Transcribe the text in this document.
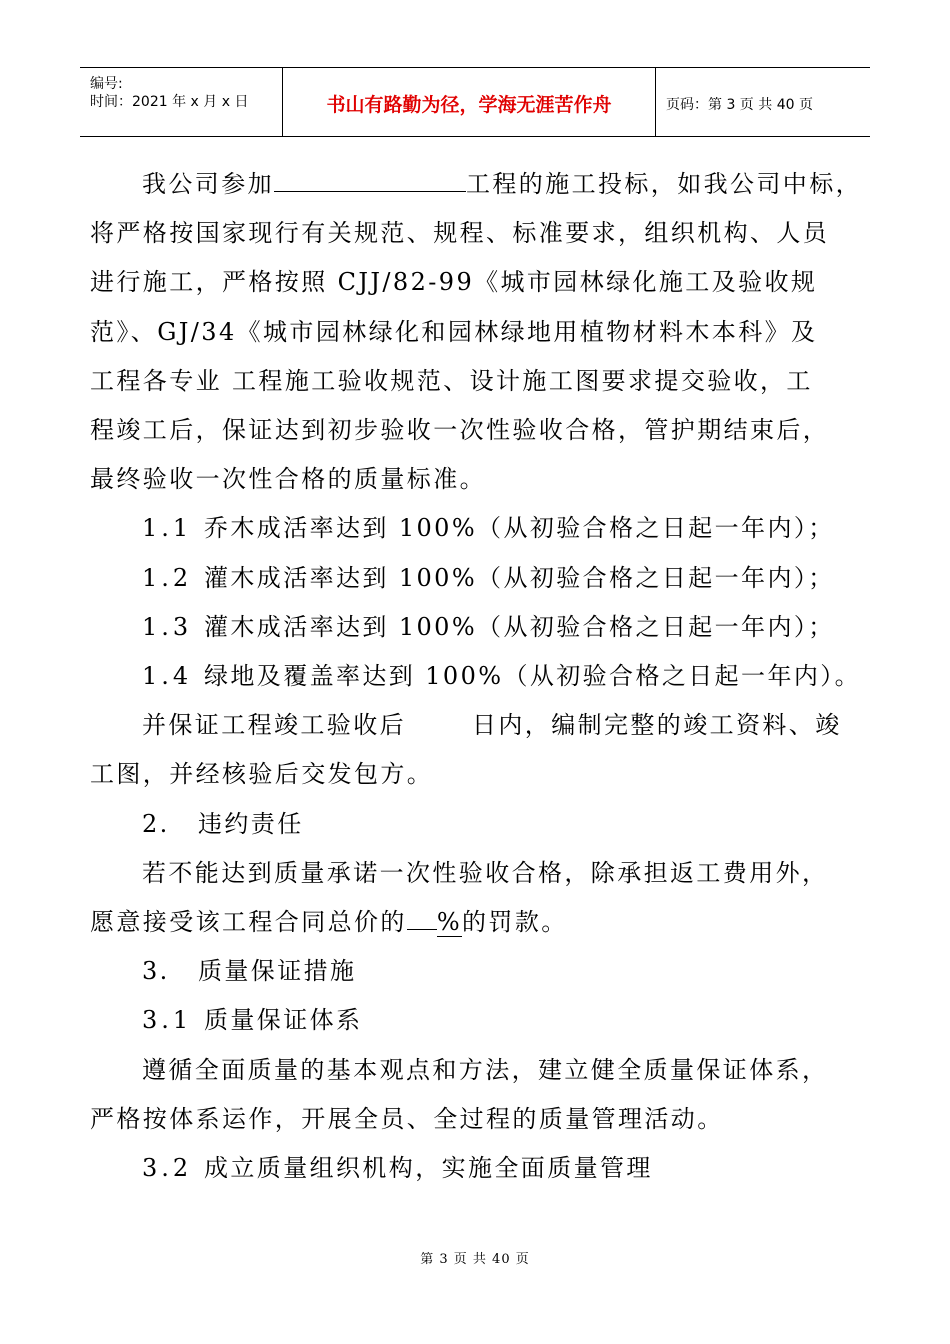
编号:
时间：2021 年 x 月 x 日	书山有路勤为径，学海无涯苦作舟	页码：第 3 页 共 40 页

我公司参加	工程的施工投标，如我公司中标，

将严格按国家现行有关规范、规程、标准要求，组织机构、人员

进行施工，严格按照 CJJ/82-99《城市园林绿化施工及验收规

范》、GJ/34《城市园林绿化和园林绿地用植物材料木本科》及

工程各专业 工程施工验收规范、设计施工图要求提交验收，工

程竣工后，保证达到初步验收一次性验收合格，管护期结束后，

最终验收一次性合格的质量标准。

1.1 乔木成活率达到 100%（从初验合格之日起一年内）；

1.2 灌木成活率达到 100%（从初验合格之日起一年内）；

1.3 灌木成活率达到 100%（从初验合格之日起一年内）；

1.4 绿地及覆盖率达到 100%（从初验合格之日起一年内）。

并保证工程竣工验收后	日内，编制完整的竣工资料、竣

工图，并经核验后交发包方。

2. 违约责任

若不能达到质量承诺一次性验收合格，除承担返工费用外，

愿意接受该工程合同总价的 %的罚款。

3. 质量保证措施

3.1 质量保证体系

遵循全面质量的基本观点和方法，建立健全质量保证体系，

严格按体系运作，开展全员、全过程的质量管理活动。

3.2 成立质量组织机构，实施全面质量管理

第 3 页 共 40 页
